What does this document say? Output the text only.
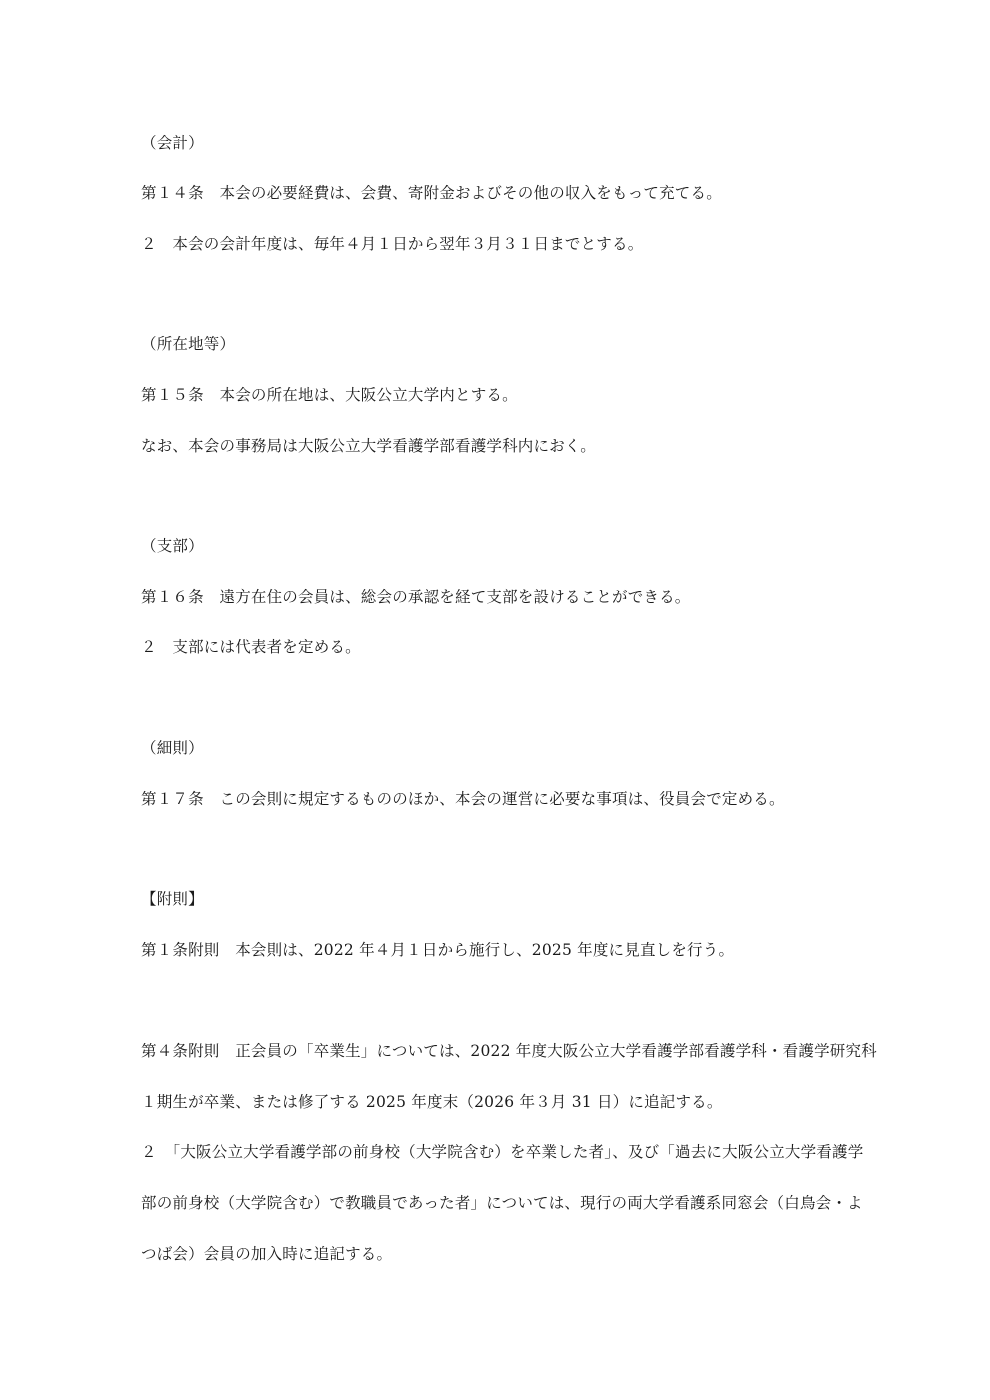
（会計）
第１４条　本会の必要経費は、会費、寄附金およびその他の収入をもって充てる。
２　本会の会計年度は、毎年４月１日から翌年３月３１日までとする。
（所在地等）
第１５条　本会の所在地は、大阪公立大学内とする。
なお、本会の事務局は大阪公立大学看護学部看護学科内におく。
（支部）
第１６条　遠方在住の会員は、総会の承認を経て支部を設けることができる。
２　支部には代表者を定める。
（細則）
第１７条　この会則に規定するもののほか、本会の運営に必要な事項は、役員会で定める。
【附則】
第１条附則　本会則は、2022 年４月１日から施行し、2025 年度に見直しを行う。
第４条附則　正会員の「卒業生」については、2022 年度大阪公立大学看護学部看護学科・看護学研究科
１期生が卒業、または修了する 2025 年度末（2026 年３月 31 日）に追記する。
２　「大阪公立大学看護学部の前身校（大学院含む）を卒業した者」、及び「過去に大阪公立大学看護学
部の前身校（大学院含む）で教職員であった者」については、現行の両大学看護系同窓会（白鳥会・よ
つば会）会員の加入時に追記する。
